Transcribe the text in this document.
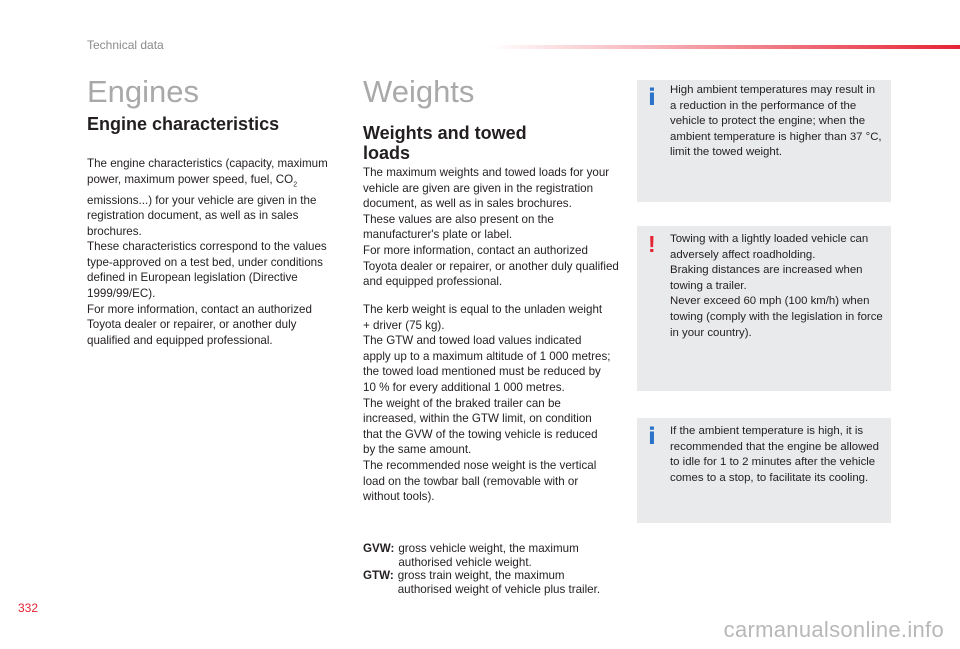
Technical data
Engines
Engine characteristics

The engine characteristics (capacity, maximum power, maximum power speed, fuel, $CO_2$ emissions...) for your vehicle are given in the registration document, as well as in sales brochures.

These characteristics correspond to the values type-approved on a test bed, under conditions defined in European legislation (Directive 1999/99/EC).

For more information, contact an authorized Toyota dealer or repairer, or another duly qualified and equipped professional.

Weights
Weights and towed loads

The maximum weights and towed loads for your vehicle are given are given in the registration document, as well as in sales brochures.

These values are also present on the manufacturer's plate or label.

For more information, contact an authorized Toyota dealer or repairer, or another duly qualified and equipped professional.

The kerb weight is equal to the unladen weight + driver (75 kg).

The GTW and towed load values indicated apply up to a maximum altitude of 1 000 metres; the towed load mentioned must be reduced by 10 % for every additional 1 000 metres.

The weight of the braked trailer can be increased, within the GTW limit, on condition that the GVW of the towing vehicle is reduced by the same amount.

The recommended nose weight is the vertical load on the towbar ball (removable with or without tools).

GVW: gross vehicle weight, the maximum authorised vehicle weight.
GTW: gross train weight, the maximum authorised weight of vehicle plus trailer.
i High ambient temperatures may result in a reduction in the performance of the vehicle to protect the engine; when the ambient temperature is higher than 37 °C, limit the towed weight.
! Towing with a lightly loaded vehicle can adversely affect roadholding.
Braking distances are increased when towing a trailer.
Never exceed 60 mph (100 km/h) when towing (comply with the legislation in force in your country).
i If the ambient temperature is high, it is recommended that the engine be allowed to idle for 1 to 2 minutes after the vehicle comes to a stop, to facilitate its cooling.
332
carmanualsonline.info
